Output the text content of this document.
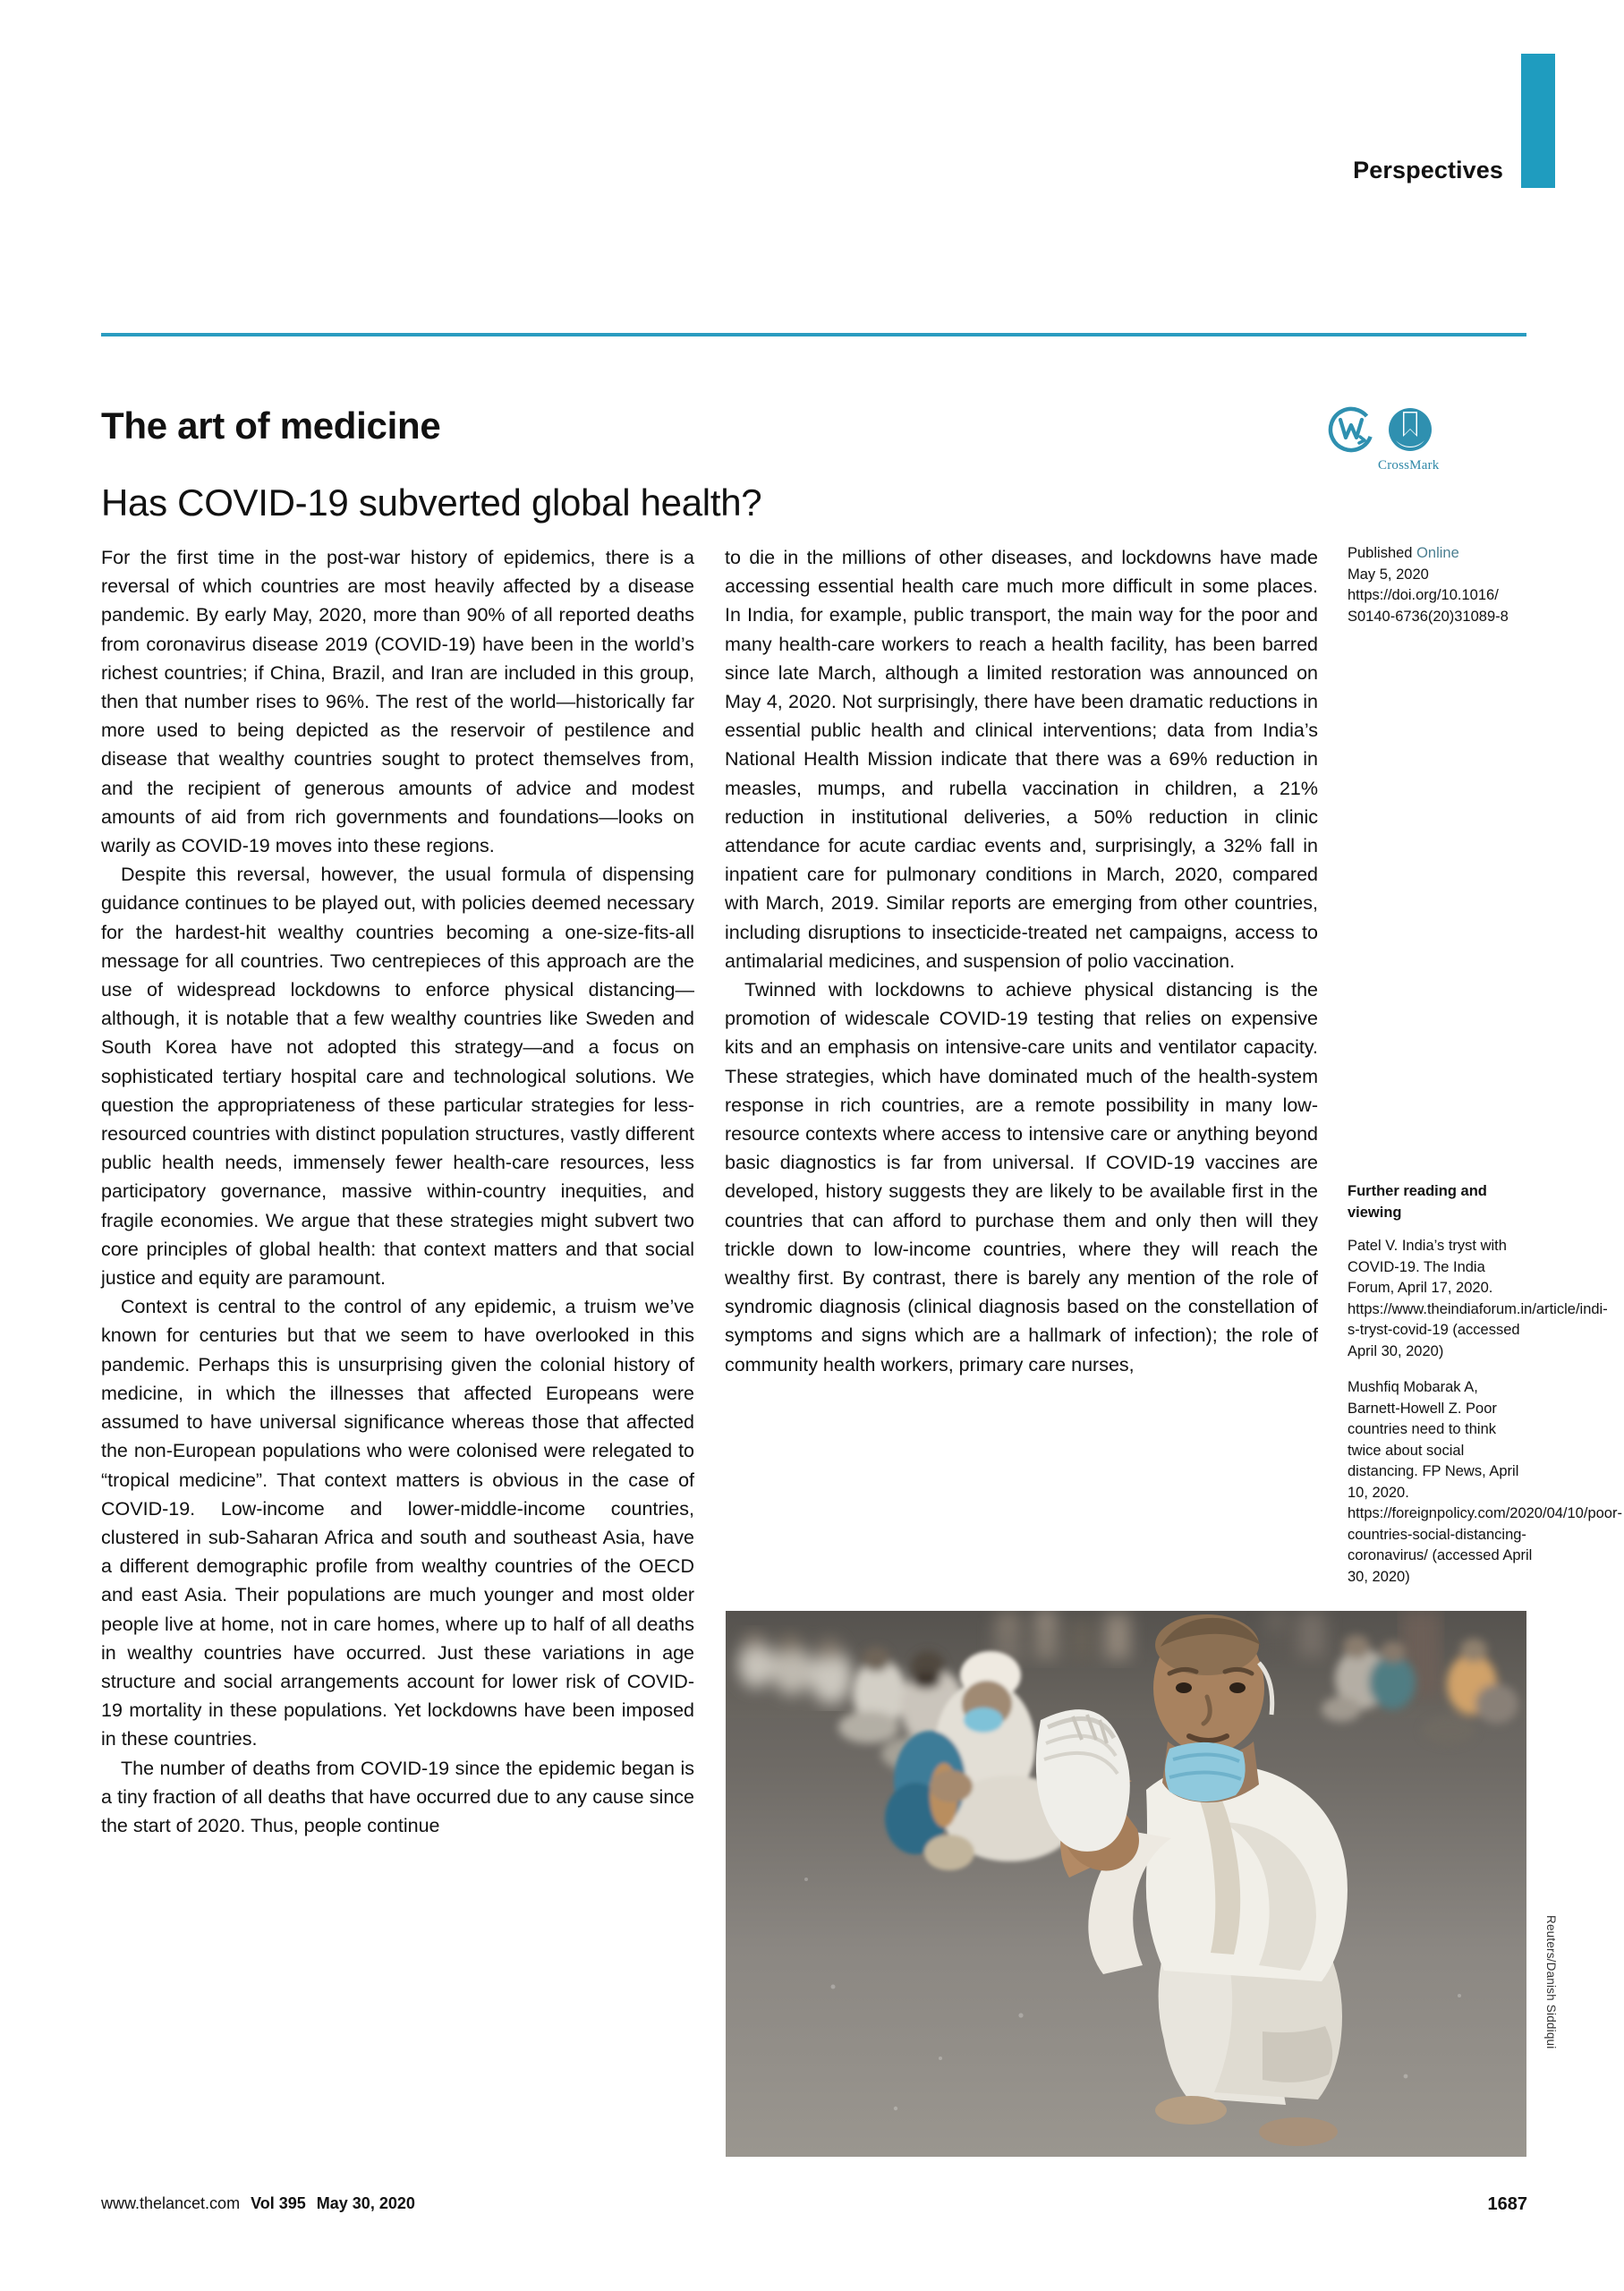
Perspectives
The art of medicine
Has COVID-19 subverted global health?
CrossMark

For the first time in the post-war history of epidemics, there is a reversal of which countries are most heavily affected by a disease pandemic. By early May, 2020, more than 90% of all reported deaths from coronavirus disease 2019 (COVID-19) have been in the world’s richest countries; if China, Brazil, and Iran are included in this group, then that number rises to 96%. The rest of the world—historically far more used to being depicted as the reservoir of pestilence and disease that wealthy countries sought to protect themselves from, and the recipient of generous amounts of advice and modest amounts of aid from rich governments and foundations—looks on warily as COVID-19 moves into these regions.

Despite this reversal, however, the usual formula of dispensing guidance continues to be played out, with policies deemed necessary for the hardest-hit wealthy countries becoming a one-size-fits-all message for all countries. Two centrepieces of this approach are the use of widespread lockdowns to enforce physical distancing—although, it is notable that a few wealthy countries like Sweden and South Korea have not adopted this strategy—and a focus on sophisticated tertiary hospital care and technological solutions. We question the appropriateness of these particular strategies for less-resourced countries with distinct population structures, vastly different public health needs, immensely fewer health-care resources, less participatory governance, massive within-country inequities, and fragile economies. We argue that these strategies might subvert two core principles of global health: that context matters and that social justice and equity are paramount.

Context is central to the control of any epidemic, a truism we’ve known for centuries but that we seem to have overlooked in this pandemic. Perhaps this is unsurprising given the colonial history of medicine, in which the illnesses that affected Europeans were assumed to have universal significance whereas those that affected the non-European populations who were colonised were relegated to “tropical medicine”. That context matters is obvious in the case of COVID-19. Low-income and lower-middle-income countries, clustered in sub-Saharan Africa and south and southeast Asia, have a different demographic profile from wealthy countries of the OECD and east Asia. Their populations are much younger and most older people live at home, not in care homes, where up to half of all deaths in wealthy countries have occurred. Just these variations in age structure and social arrangements account for lower risk of COVID-19 mortality in these populations. Yet lockdowns have been imposed in these countries.

The number of deaths from COVID-19 since the epidemic began is a tiny fraction of all deaths that have occurred due to any cause since the start of 2020. Thus, people continue

to die in the millions of other diseases, and lockdowns have made accessing essential health care much more difficult in some places. In India, for example, public transport, the main way for the poor and many health-care workers to reach a health facility, has been barred since late March, although a limited restoration was announced on May 4, 2020. Not surprisingly, there have been dramatic reductions in essential public health and clinical interventions; data from India’s National Health Mission indicate that there was a 69% reduction in measles, mumps, and rubella vaccination in children, a 21% reduction in institutional deliveries, a 50% reduction in clinic attendance for acute cardiac events and, surprisingly, a 32% fall in inpatient care for pulmonary conditions in March, 2020, compared with March, 2019. Similar reports are emerging from other countries, including disruptions to insecticide-treated net campaigns, access to antimalarial medicines, and suspension of polio vaccination.

Twinned with lockdowns to achieve physical distancing is the promotion of widescale COVID-19 testing that relies on expensive kits and an emphasis on intensive-care units and ventilator capacity. These strategies, which have dominated much of the health-system response in rich countries, are a remote possibility in many low-resource contexts where access to intensive care or anything beyond basic diagnostics is far from universal. If COVID-19 vaccines are developed, history suggests they are likely to be available first in the countries that can afford to purchase them and only then will they trickle down to low-income countries, where they will reach the wealthy first. By contrast, there is barely any mention of the role of syndromic diagnosis (clinical diagnosis based on the constellation of symptoms and signs which are a hallmark of infection); the role of community health workers, primary care nurses,

Published Online

May 5, 2020

https://doi.org/10.1016/

S0140-6736(20)31089-8

Further reading and viewing

Patel V. India’s tryst with COVID-19. The India Forum, April 17, 2020. https://www.theindiaforum.in/article/indi-s-tryst-covid-19 (accessed April 30, 2020)

Mushfiq Mobarak A, Barnett-Howell Z. Poor countries need to think twice about social distancing. FP News, April 10, 2020. https://foreignpolicy.com/2020/04/10/poor-countries-social-distancing-coronavirus/ (accessed April 30, 2020)

Reuters/Danish Siddiqui
www.thelancet.com Vol 395 May 30, 2020	1687
